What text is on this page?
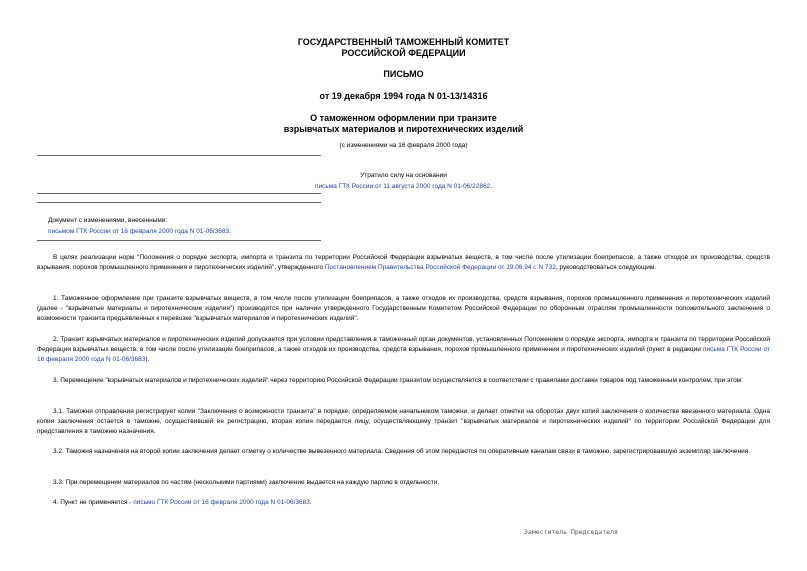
ГОСУДАРСТВЕННЫЙ ТАМОЖЕННЫЙ КОМИТЕТ
РОССИЙСКОЙ ФЕДЕРАЦИИ
ПИСЬМО
от 19 декабря 1994 года N 01-13/14316
О таможенном оформлении при транзите
взрывчатых материалов и пиротехнических изделий
(с изменениями на 16 февраля 2000 года)
Утратило силу на основании
письма ГТК России от 11 августа 2000 года N 01-06/22862.
Документ с изменениями, внесенными:
письмом ГТК России от 16 февраля 2000 года N 01-06/3683.
В целях реализации норм "Положения о порядке экспорта, импорта и транзита по территории Российской Федерации взрывчатых веществ, в том числе после утилизации боеприпасов, а также отходов их производства, средств взрывания, порохов промышленного применения и пиротехнических изделий", утвержденного Постановлением Правительства Российской Федерации от 19.06.94 г. N 732, руководствоваться следующим.
1. Таможенное оформление при транзите взрывчатых веществ, в том числе после утилизации боеприпасов, а также отходов их производства, средств взрывания, порохов промышленного применения и пиротехнических изделий (далее - "взрывчатые материалы и пиротехнические изделия") производится при наличии утвержденного Государственным Комитетом Российской Федерации по оборонным отраслям промышленности положительного заключения о возможности транзита предъявленных к перевозке "взрывчатых материалов и пиротехнических изделий".
2. Транзит взрывчатых материалов и пиротехнических изделий допускается при условии представления в таможенный орган документов, установленных Положением о порядке экспорта, импорта и транзита по территории Российской Федерации взрывчатых веществ, в том числе после утилизации боеприпасов, а также отходов их производства, средств взрывания, порохов промышленного применения и пиротехнических изделий (пункт в редакции письма ГТК России от 16 февраля 2000 года N 01-06/3683).
3. Перемещение "взрывчатых материалов и пиротехнических изделий" через территорию Российской Федерации транзитом осуществляется в соответствии с правилами доставки товаров под таможенным контролем, при этом:
3.1. Таможня отправления регистрирует копии "Заключения о возможности транзита" в порядке, определяемом начальником таможни, и делает отметки на оборотах двух копий заключения о количестве ввезенного материала. Одна копия заключения остается в таможне, осуществившей ее регистрацию, вторая копия передается лицу, осуществляющему транзит "взрывчатых материалов и пиротехнических изделий" по территории Российской Федерации для представления в таможню назначения.
3.2. Таможня назначения на второй копии заключения делает отметку о количестве вывезенного материала. Сведения об этом передаются по оперативным каналам связи в таможню, зарегистрировавшую экземпляр заключения.
3.3. При перемещении материалов по частям (несколькими партиями) заключение выдается на каждую партию в отдельности.
4. Пункт не применяется - письмо ГТК России от 16 февраля 2000 года N 01-06/3683.
Заместитель Председателя
